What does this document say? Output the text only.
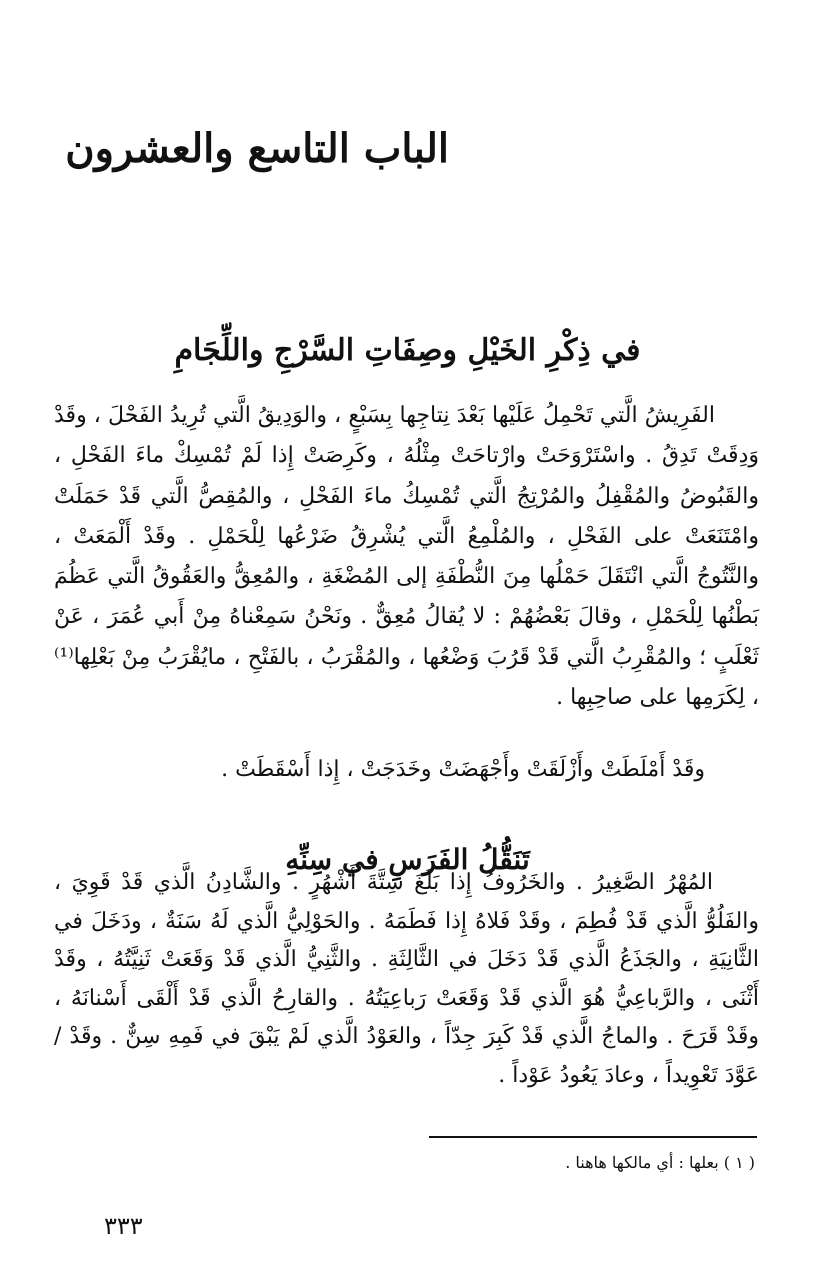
الباب التاسع والعشرون
في ذِكْرِ الخَيْلِ وصِفَاتِ السَّرْجِ واللِّجَامِ

الفَرِيشُ الَّتي تَحْمِلُ عَلَيْها بَعْدَ نِتاجِها بِسَبْعٍ ، والوَدِيقُ الَّتي تُرِيدُ الفَحْلَ ، وقَدْ وَدِقَتْ تَدِقُ . واسْتَرْوَحَتْ وارْتاحَتْ مِثْلُهُ ، وكَرِصَتْ إِذا لَمْ تُمْسِكْ ماءَ الفَحْلِ ، والقَبُوضُ والمُقْفِلُ والمُرْتِجُ الَّتي تُمْسِكُ ماءَ الفَحْلِ ، والمُقِصُّ الَّتي قَدْ حَمَلَتْ وامْتَنَعَتْ على الفَحْلِ ، والمُلْمِعُ الَّتي يُشْرِقُ ضَرْعُها لِلْحَمْلِ . وقَدْ أَلْمَعَتْ ، والنَّتُوجُ الَّتي انْتَقَلَ حَمْلُها مِنَ النُّطْفَةِ إلى المُضْغَةِ ، والمُعِقُّ والعَقُوقُ الَّتي عَظُمَ بَطْنُها لِلْحَمْلِ ، وقالَ بَعْضُهُمْ : لا يُقالُ مُعِقٌّ . ونَحْنُ سَمِعْناهُ مِنْ أَبي عُمَرَ ، عَنْ ثَعْلَبٍ ؛ والمُقْرِبُ الَّتي قَدْ قَرُبَ وَضْعُها ، والمُقْرَبُ ، بالفَتْحِ ، مايُقْرَبُ مِنْ بَعْلِها⁽¹⁾ ، لِكَرَمِها على صاحِبِها .

وقَدْ أَمْلَطَتْ وأَزْلَقَتْ وأَجْهَضَتْ وخَدَجَتْ ، إِذا أَسْقَطَتْ .

تَنَقُّلُ الفَرَسِ في سِنِّهِ

المُهْرُ الصَّغِيرُ . والخَرُوفُ إِذا بَلَغَ سِتَّةَ أَشْهُرٍ . والشَّادِنُ الَّذي قَدْ قَوِيَ ، والفَلُوُّ الَّذي قَدْ فُطِمَ ، وقَدْ فَلاهُ إِذا فَطَمَهُ . والحَوْلِيُّ الَّذي لَهُ سَنَةٌ ، ودَخَلَ في الثَّانِيَةِ ، والجَذَعُ الَّذي قَدْ دَخَلَ في الثَّالِثَةِ . والثَّنِيُّ الَّذي قَدْ وَقَعَتْ ثَنِيَّتُهُ ، وقَدْ أَثْنَى ، والرَّباعِيُّ هُوَ الَّذي قَدْ وَقَعَتْ رَباعِيَتُهُ . والقارِحُ الَّذي قَدْ أَلْقَى أَسْنانَهُ ، وقَدْ قَرَحَ . والماجُ الَّذي قَدْ كَبِرَ جِدّاً ، والعَوْدُ الَّذي لَمْ يَبْقَ في فَمِهِ سِنٌّ . وقَدْ / عَوَّدَ تَعْوِيداً ، وعادَ يَعُودُ عَوْداً .

( ١ ) بعلها : أي مالكها هاهنا .
٣٣٣
